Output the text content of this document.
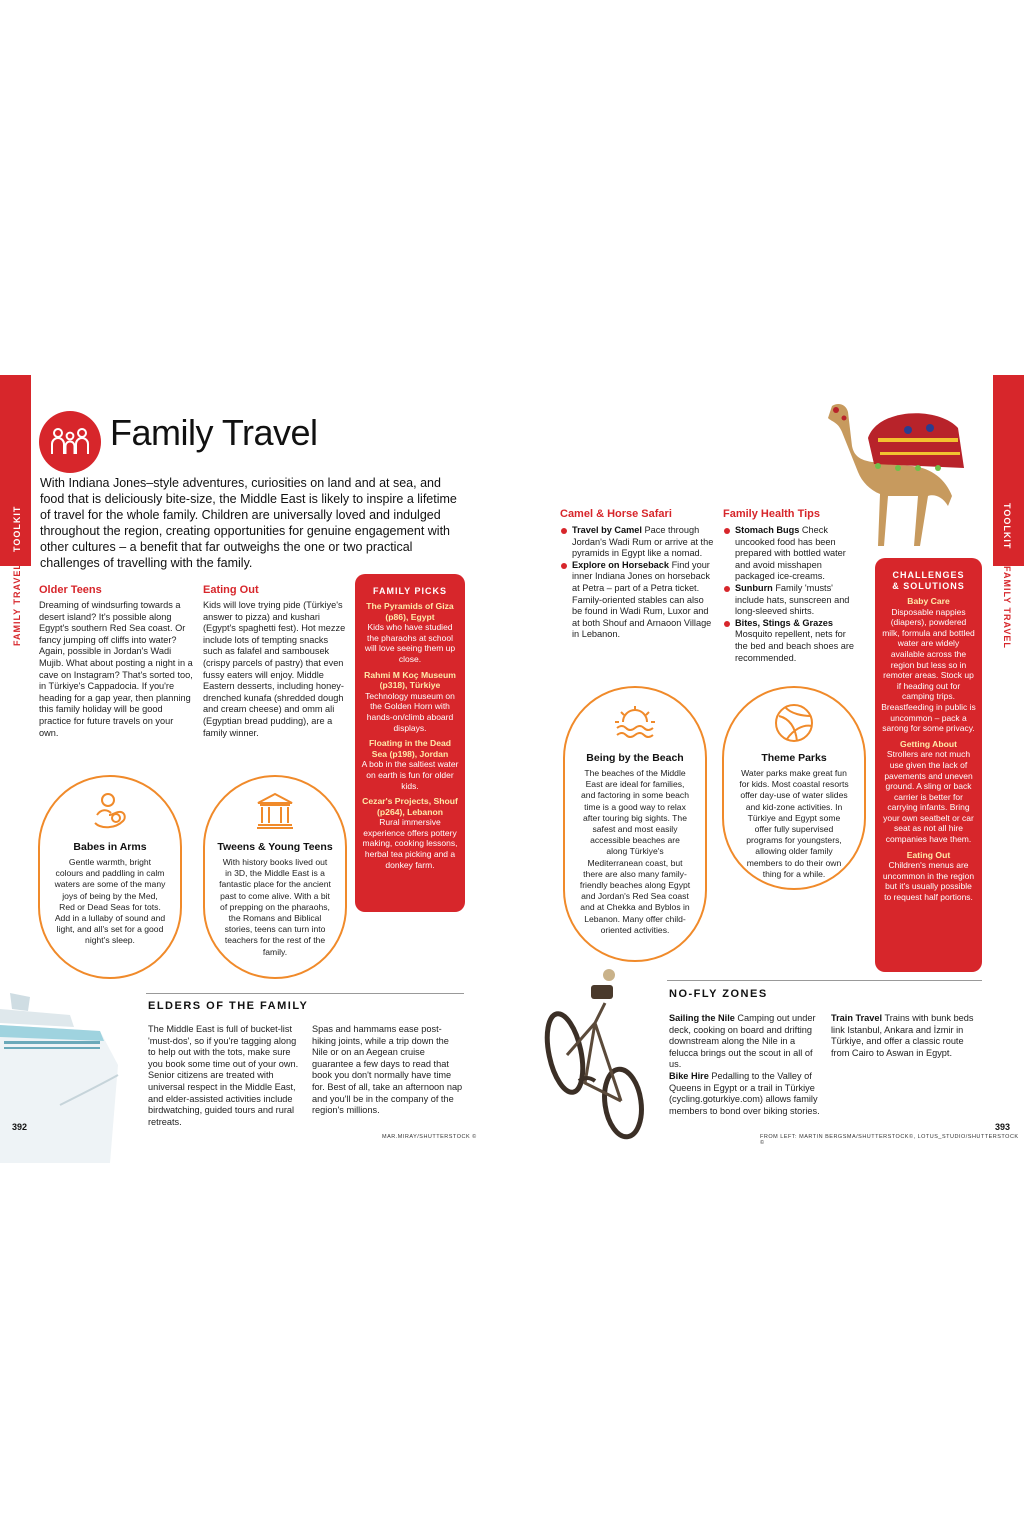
TOOLKIT
FAMILY TRAVEL
TOOLKIT
FAMILY TRAVEL
Family Travel
With Indiana Jones–style adventures, curiosities on land and at sea, and food that is deliciously bite-size, the Middle East is likely to inspire a lifetime of travel for the whole family. Children are universally loved and indulged throughout the region, creating opportunities for genuine engagement with other cultures – a benefit that far outweighs the one or two practical challenges of travelling with the family.
Older Teens
Dreaming of windsurfing towards a desert island? It's possible along Egypt's southern Red Sea coast. Or fancy jumping off cliffs into water? Again, possible in Jordan's Wadi Mujib. What about posting a night in a cave on Instagram? That's sorted too, in Türkiye's Cappadocia. If you're heading for a gap year, then planning this family holiday will be good practice for future travels on your own.
Eating Out
Kids will love trying pide (Türkiye's answer to pizza) and kushari (Egypt's spaghetti fest). Hot mezze include lots of tempting snacks such as falafel and sambousek (crispy parcels of pastry) that even fussy eaters will enjoy. Middle Eastern desserts, including honey-drenched kunafa (shredded dough and cream cheese) and omm ali (Egyptian bread pudding), are a family winner.
FAMILY PICKS
The Pyramids of Giza (p86), Egypt
Kids who have studied the pharaohs at school will love seeing them up close.
Rahmi M Koç Museum (p318), Türkiye
Technology museum on the Golden Horn with hands-on/climb aboard displays.
Floating in the Dead Sea (p198), Jordan
A bob in the saltiest water on earth is fun for older kids.
Cezar's Projects, Shouf (p264), Lebanon
Rural immersive experience offers pottery making, cooking lessons, herbal tea picking and a donkey farm.
Babes in Arms
Gentle warmth, bright colours and paddling in calm waters are some of the many joys of being by the Med, Red or Dead Seas for tots. Add in a lullaby of sound and light, and all's set for a good night's sleep.
Tweens & Young Teens
With history books lived out in 3D, the Middle East is a fantastic place for the ancient past to come alive. With a bit of prepping on the pharaohs, the Romans and Biblical stories, teens can turn into teachers for the rest of the family.
ELDERS OF THE FAMILY
The Middle East is full of bucket-list 'must-dos', so if you're tagging along to help out with the tots, make sure you book some time out of your own. Senior citizens are treated with universal respect in the Middle East, and elder-assisted activities include birdwatching, guided tours and rural retreats.
Spas and hammams ease post-hiking joints, while a trip down the Nile or on an Aegean cruise guarantee a few days to read that book you don't normally have time for. Best of all, take an afternoon nap and you'll be in the company of the region's millions.
392
MAR.MIRAY/SHUTTERSTOCK ©
Camel & Horse Safari
Travel by Camel Pace through Jordan's Wadi Rum or arrive at the pyramids in Egypt like a nomad.
Explore on Horseback Find your inner Indiana Jones on horseback at Petra – part of a Petra ticket. Family-oriented stables can also be found in Wadi Rum, Luxor and at both Shouf and Arnaoon Village in Lebanon.
Family Health Tips
Stomach Bugs Check uncooked food has been prepared with bottled water and avoid misshapen packaged ice-creams.
Sunburn Family 'musts' include hats, sunscreen and long-sleeved shirts.
Bites, Stings & Grazes Mosquito repellent, nets for the bed and beach shoes are recommended.
Being by the Beach
The beaches of the Middle East are ideal for families, and factoring in some beach time is a good way to relax after touring big sights. The safest and most easily accessible beaches are along Türkiye's Mediterranean coast, but there are also many family-friendly beaches along Egypt and Jordan's Red Sea coast and at Chekka and Byblos in Lebanon. Many offer child-oriented activities.
Theme Parks
Water parks make great fun for kids. Most coastal resorts offer day-use of water slides and kid-zone activities. In Türkiye and Egypt some offer fully supervised programs for youngsters, allowing older family members to do their own thing for a while.
CHALLENGES & SOLUTIONS
Baby Care
Disposable nappies (diapers), powdered milk, formula and bottled water are widely available across the region but less so in remoter areas. Stock up if heading out for camping trips. Breastfeeding in public is uncommon – pack a sarong for some privacy.
Getting About
Strollers are not much use given the lack of pavements and uneven ground. A sling or back carrier is better for carrying infants. Bring your own seatbelt or car seat as not all hire companies have them.
Eating Out
Children's menus are uncommon in the region but it's usually possible to request half portions.
NO-FLY ZONES
Sailing the Nile Camping out under deck, cooking on board and drifting downstream along the Nile in a felucca brings out the scout in all of us.
Bike Hire Pedalling to the Valley of Queens in Egypt or a trail in Türkiye (cycling.goturkiye.com) allows family members to bond over biking stories.
Train Travel Trains with bunk beds link Istanbul, Ankara and İzmir in Türkiye, and offer a classic route from Cairo to Aswan in Egypt.
393
FROM LEFT: MARTIN BERGSMA/SHUTTERSTOCK©, LOTUS_STUDIO/SHUTTERSTOCK ©
